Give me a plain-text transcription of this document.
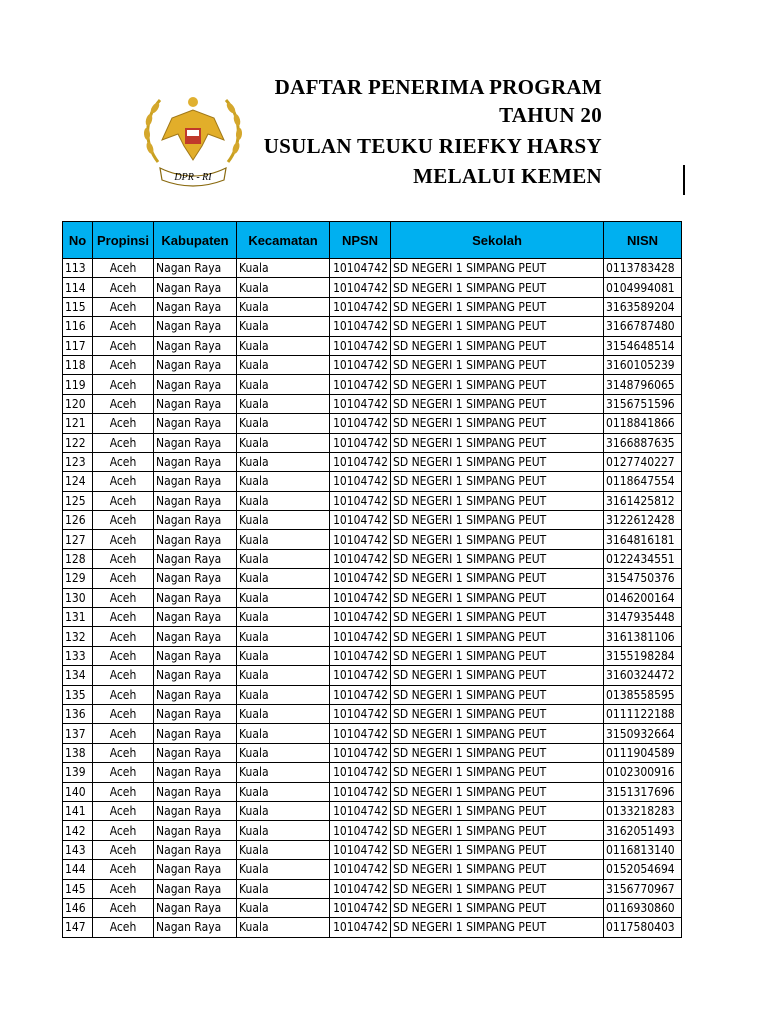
DPR - RI
DAFTAR PENERIMA PROGRAM
TAHUN 20
USULAN TEUKU RIEFKY HARSY
MELALUI KEMEN
No	Propinsi	Kabupaten	Kecamatan	NPSN	Sekolah	NISN
113	Aceh	Nagan Raya	Kuala	10104742	SD NEGERI 1 SIMPANG PEUT	0113783428
114	Aceh	Nagan Raya	Kuala	10104742	SD NEGERI 1 SIMPANG PEUT	0104994081
115	Aceh	Nagan Raya	Kuala	10104742	SD NEGERI 1 SIMPANG PEUT	3163589204
116	Aceh	Nagan Raya	Kuala	10104742	SD NEGERI 1 SIMPANG PEUT	3166787480
117	Aceh	Nagan Raya	Kuala	10104742	SD NEGERI 1 SIMPANG PEUT	3154648514
118	Aceh	Nagan Raya	Kuala	10104742	SD NEGERI 1 SIMPANG PEUT	3160105239
119	Aceh	Nagan Raya	Kuala	10104742	SD NEGERI 1 SIMPANG PEUT	3148796065
120	Aceh	Nagan Raya	Kuala	10104742	SD NEGERI 1 SIMPANG PEUT	3156751596
121	Aceh	Nagan Raya	Kuala	10104742	SD NEGERI 1 SIMPANG PEUT	0118841866
122	Aceh	Nagan Raya	Kuala	10104742	SD NEGERI 1 SIMPANG PEUT	3166887635
123	Aceh	Nagan Raya	Kuala	10104742	SD NEGERI 1 SIMPANG PEUT	0127740227
124	Aceh	Nagan Raya	Kuala	10104742	SD NEGERI 1 SIMPANG PEUT	0118647554
125	Aceh	Nagan Raya	Kuala	10104742	SD NEGERI 1 SIMPANG PEUT	3161425812
126	Aceh	Nagan Raya	Kuala	10104742	SD NEGERI 1 SIMPANG PEUT	3122612428
127	Aceh	Nagan Raya	Kuala	10104742	SD NEGERI 1 SIMPANG PEUT	3164816181
128	Aceh	Nagan Raya	Kuala	10104742	SD NEGERI 1 SIMPANG PEUT	0122434551
129	Aceh	Nagan Raya	Kuala	10104742	SD NEGERI 1 SIMPANG PEUT	3154750376
130	Aceh	Nagan Raya	Kuala	10104742	SD NEGERI 1 SIMPANG PEUT	0146200164
131	Aceh	Nagan Raya	Kuala	10104742	SD NEGERI 1 SIMPANG PEUT	3147935448
132	Aceh	Nagan Raya	Kuala	10104742	SD NEGERI 1 SIMPANG PEUT	3161381106
133	Aceh	Nagan Raya	Kuala	10104742	SD NEGERI 1 SIMPANG PEUT	3155198284
134	Aceh	Nagan Raya	Kuala	10104742	SD NEGERI 1 SIMPANG PEUT	3160324472
135	Aceh	Nagan Raya	Kuala	10104742	SD NEGERI 1 SIMPANG PEUT	0138558595
136	Aceh	Nagan Raya	Kuala	10104742	SD NEGERI 1 SIMPANG PEUT	0111122188
137	Aceh	Nagan Raya	Kuala	10104742	SD NEGERI 1 SIMPANG PEUT	3150932664
138	Aceh	Nagan Raya	Kuala	10104742	SD NEGERI 1 SIMPANG PEUT	0111904589
139	Aceh	Nagan Raya	Kuala	10104742	SD NEGERI 1 SIMPANG PEUT	0102300916
140	Aceh	Nagan Raya	Kuala	10104742	SD NEGERI 1 SIMPANG PEUT	3151317696
141	Aceh	Nagan Raya	Kuala	10104742	SD NEGERI 1 SIMPANG PEUT	0133218283
142	Aceh	Nagan Raya	Kuala	10104742	SD NEGERI 1 SIMPANG PEUT	3162051493
143	Aceh	Nagan Raya	Kuala	10104742	SD NEGERI 1 SIMPANG PEUT	0116813140
144	Aceh	Nagan Raya	Kuala	10104742	SD NEGERI 1 SIMPANG PEUT	0152054694
145	Aceh	Nagan Raya	Kuala	10104742	SD NEGERI 1 SIMPANG PEUT	3156770967
146	Aceh	Nagan Raya	Kuala	10104742	SD NEGERI 1 SIMPANG PEUT	0116930860
147	Aceh	Nagan Raya	Kuala	10104742	SD NEGERI 1 SIMPANG PEUT	0117580403
